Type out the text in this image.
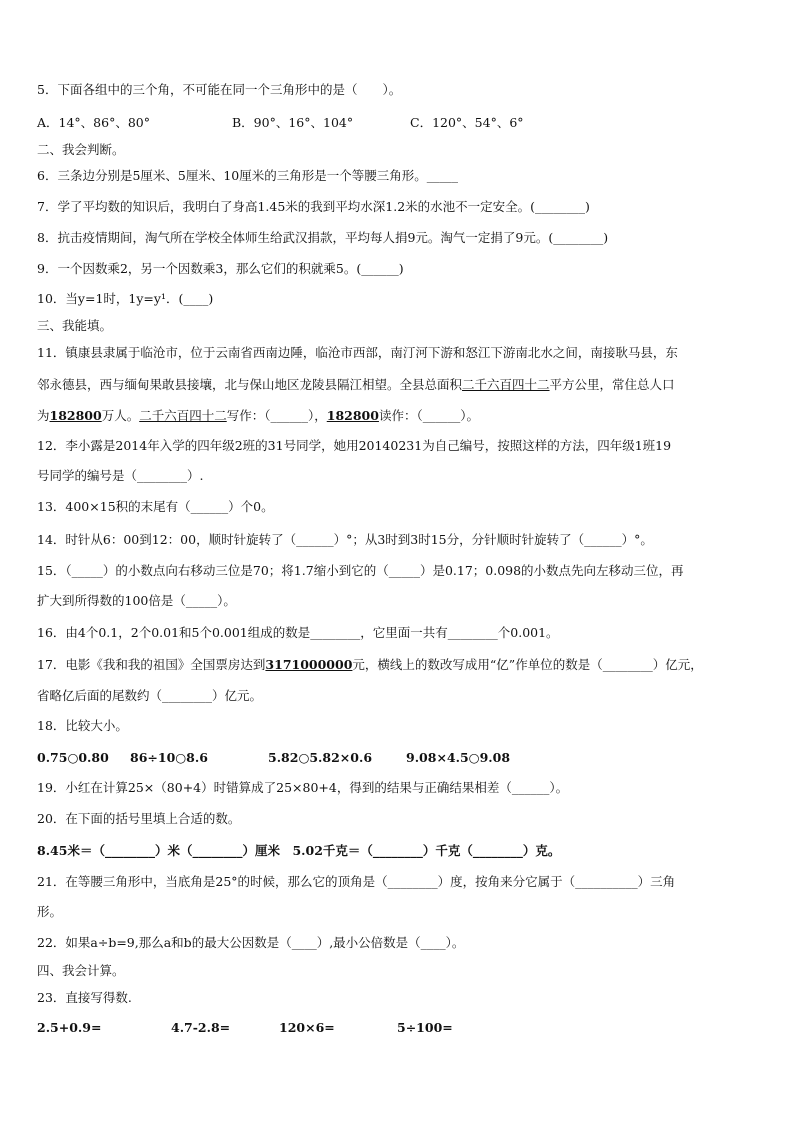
5．下面各组中的三个角，不可能在同一个三角形中的是（　　）。
A．14°、86°、80°	B．90°、16°、104°	C．120°、54°、6°
二、我会判断。
6．三条边分别是5厘米、5厘米、10厘米的三角形是一个等腰三角形。_____
7．学了平均数的知识后，我明白了身高1.45米的我到平均水深1.2米的水池不一定安全。(________)
8．抗击疫情期间，淘气所在学校全体师生给武汉捐款，平均每人捐9元。淘气一定捐了9元。(________)
9．一个因数乘2，另一个因数乘3，那么它们的积就乘5。(______)
10．当y=1时，1y=y¹．(____)
三、我能填。
11．镇康县隶属于临沧市，位于云南省西南边陲，临沧市西部，南汀河下游和怒江下游南北水之间，南接耿马县，东
邻永德县，西与缅甸果敢县接壤，北与保山地区龙陵县隔江相望。全县总面积二千六百四十二平方公里，常住总人口
为182800万人。二千六百四十二写作：（______），182800读作：（______）。
12．李小露是2014年入学的四年级2班的31号同学，她用20140231为自己编号，按照这样的方法，四年级1班19
号同学的编号是（________）.
13．400×15积的末尾有（______）个0。
14．时针从6：00到12：00，顺时针旋转了（______）°；从3时到3时15分，分针顺时针旋转了（______）°。
15．（_____）的小数点向右移动三位是70；将1.7缩小到它的（_____）是0.17；0.098的小数点先向左移动三位，再
扩大到所得数的100倍是（_____）。
16．由4个0.1，2个0.01和5个0.001组成的数是________，它里面一共有________个0.001。
17．电影《我和我的祖国》全国票房达到3171000000元，横线上的数改写成用“亿”作单位的数是（________）亿元，
省略亿后面的尾数约（________）亿元。
18．比较大小。
0.75○0.80 86÷10○8.6	5.82○5.82×0.6	9.08×4.5○9.08
19．小红在计算25×（80+4）时错算成了25×80+4，得到的结果与正确结果相差（______）。
20．在下面的括号里填上合适的数。
8.45米＝（________）米（________）厘米　5.02千克＝（________）千克（________）克。
21．在等腰三角形中，当底角是25°的时候，那么它的顶角是（________）度，按角来分它属于（__________）三角
形。
22．如果a÷b=9,那么a和b的最大公因数是（____）,最小公倍数是（____）。
四、我会计算。
23．直接写得数.
2.5+0.9=	4.7-2.8=	120×6=	5÷100=
